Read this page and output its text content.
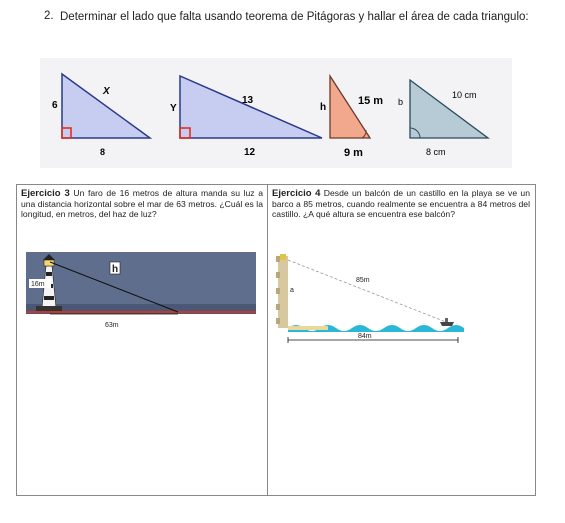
2. Determinar el lado que falta usando teorema de Pitágoras y hallar el área de cada triangulo:
6
X
8
Y
13
12
h
15 m
9 m
b
10 cm
8 cm
Ejercicio 3 Un faro de 16 metros de altura manda su luz a una distancia horizontal sobre el mar de 63 metros. ¿Cuál es la longitud, en metros, del haz de luz?
Ejercicio 4 Desde un balcón de un castillo en la playa se ve un barco a 85 metros, cuando realmente se encuentra a 84 metros del castillo. ¿A qué altura se encuentra ese balcón?
16m
h
63m
85m
a
84m
